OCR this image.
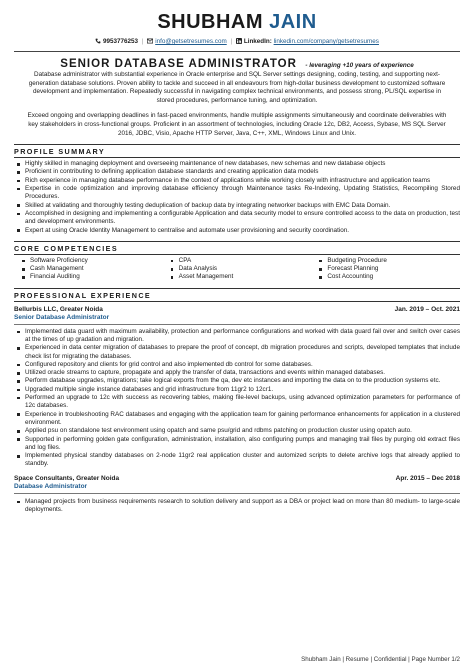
SHUBHAM JAIN
9953776253 | info@getsetresumes.com | LinkedIn: linkedin.com/company/getsetresumes
SENIOR DATABASE ADMINISTRATOR - leveraging +10 years of experience
Database administrator with substantial experience in Oracle enterprise and SQL Server settings designing, coding, testing, and supporting next-generation database solutions. Proven ability to tackle and succeed in all endeavours from high-dollar business development to customized software development and implementation. Repeatedly successful in navigating complex technical environments, and possess strong, PL/SQL expertise in stored procedures, performance tuning, and optimization.
Exceed ongoing and overlapping deadlines in fast-paced environments, handle multiple assignments simultaneously and coordinate deliverables with key stakeholders in cross-functional groups. Proficient in an assortment of technologies, including Oracle 12c, DB2, Access, Sybase, MS SQL Server 2016, JDBC, Visio, Apache HTTP Server, Java, C++, XML, Windows Linux and Unix.
PROFILE SUMMARY
Highly skilled in managing deployment and overseeing maintenance of new databases, new schemas and new database objects
Proficient in contributing to defining application database standards and creating application data models
Rich experience in managing database performance in the context of applications while working closely with infrastructure and application teams
Expertise in code optimization and improving database efficiency through Maintenance tasks Re-Indexing, Updating Statistics, Recompiling Stored Procedures.
Skilled at validating and thoroughly testing deduplication of backup data by integrating networker backups with EMC Data Domain.
Accomplished in designing and implementing a configurable Application and data security model to ensure controlled access to the data on production, test and development environments.
Expert at using Oracle Identity Management to centralise and automate user provisioning and security coordination.
CORE COMPETENCIES
Software Proficiency	CPA	Budgeting Procedure
Cash Management	Data Analysis	Forecast Planning
Financial Auditing	Asset Management	Cost Accounting
PROFESSIONAL EXPERIENCE
Bellurbis LLC, Greater Noida	Jan. 2019 – Oct. 2021
Senior Database Administrator
Implemented data guard with maximum availability, protection and performance configurations and worked with data guard fail over and switch over cases at the times of up gradation and migration.
Experienced in data center migration of databases to prepare the proof of concept, db migration procedures and scripts, developed templates that include check list for migrating the databases.
Configured repository and clients for grid control and also implemented db control for some databases.
Utilized oracle streams to capture, propagate and apply the transfer of data, transactions and events within managed databases.
Perform database upgrades, migrations; take logical exports from the qa, dev etc instances and importing the data on to the production systems etc.
Upgraded multiple single instance databases and grid infrastructure from 11gr2 to 12cr1.
Performed an upgrade to 12c with success as recovering tables, making file-level backups, using advanced optimization parameters for performance of 12c databases.
Experience in troubleshooting RAC databases and engaging with the application team for gaining performance enhancements for application in a clustered environment.
Applied psu on standalone test environment using opatch and same psu/grid and rdbms patching on production cluster using opatch auto.
Supported in performing golden gate configuration, administration, installation, also configuring pumps and managing trail files by purging old extract files and log files.
Implemented physical standby databases on 2-node 11gr2 real application cluster and automized scripts to delete archive logs that already applied to standby.
Space Consultants, Greater Noida	Apr. 2015 – Dec 2018
Database Administrator
Managed projects from business requirements research to solution delivery and support as a DBA or project lead on more than 80 medium- to large-scale deployments.
Shubham Jain | Resume | Confidential | Page Number 1/2
